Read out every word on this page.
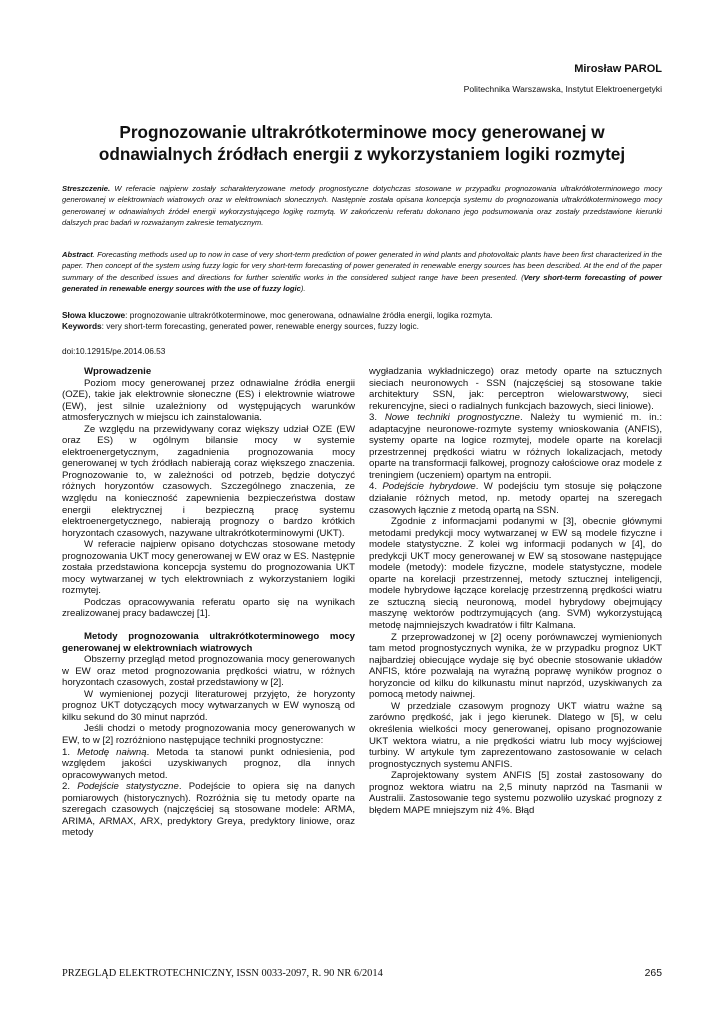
Mirosław PAROL
Politechnika Warszawska, Instytut Elektroenergetyki
Prognozowanie ultrakrótkoterminowe mocy generowanej w
odnawialnych źródłach energii z wykorzystaniem logiki rozmytej
Streszczenie. W referacie najpierw zostały scharakteryzowane metody prognostyczne dotychczas stosowane w przypadku prognozowania ultrakrótkoterminowego mocy generowanej w elektrowniach wiatrowych oraz w elektrowniach słonecznych. Następnie została opisana koncepcja systemu do prognozowania ultrakrótkoterminowego mocy generowanej w odnawialnych źródeł energii wykorzystującego logikę rozmytą. W zakończeniu referatu dokonano jego podsumowania oraz zostały przedstawione kierunki dalszych prac badań w rozważanym zakresie tematycznym.
Abstract. Forecasting methods used up to now in case of very short-term prediction of power generated in wind plants and photovoltaic plants have been first characterized in the paper. Then concept of the system using fuzzy logic for very short-term forecasting of power generated in renewable energy sources has been described. At the end of the paper summary of the described issues and directions for further scientific works in the considered subject range have been presented. (Very short-term forecasting of power generated in renewable energy sources with the use of fuzzy logic).
Słowa kluczowe: prognozowanie ultrakrótkoterminowe, moc generowana, odnawialne źródła energii, logika rozmyta.
Keywords: very short-term forecasting, generated power, renewable energy sources, fuzzy logic.
doi:10.12915/pe.2014.06.53

Wprowadzenie

Poziom mocy generowanej przez odnawialne źródła energii (OZE), takie jak elektrownie słoneczne (ES) i elektrownie wiatrowe (EW), jest silnie uzależniony od występujących warunków atmosferycznych w miejscu ich zainstalowania.

Ze względu na przewidywany coraz większy udział OZE (EW oraz ES) w ogólnym bilansie mocy w systemie elektroenergetycznym, zagadnienia prognozowania mocy generowanej w tych źródłach nabierają coraz większego znaczenia. Prognozowanie to, w zależności od potrzeb, będzie dotyczyć różnych horyzontów czasowych. Szczególnego znaczenia, ze względu na konieczność zapewnienia bezpieczeństwa dostaw energii elektrycznej i bezpieczną pracę systemu elektroenergetycznego, nabierają prognozy o bardzo krótkich horyzontach czasowych, nazywane ultrakrótkoterminowymi (UKT).

W referacie najpierw opisano dotychczas stosowane metody prognozowania UKT mocy generowanej w EW oraz w ES. Następnie została przedstawiona koncepcja systemu do prognozowania UKT mocy wytwarzanej w tych elektrowniach z wykorzystaniem logiki rozmytej.

Podczas opracowywania referatu oparto się na wynikach zrealizowanej pracy badawczej [1].

Metody prognozowania ultrakrótkoterminowego mocy generowanej w elektrowniach wiatrowych

Obszerny przegląd metod prognozowania mocy generowanych w EW oraz metod prognozowania prędkości wiatru, w różnych horyzontach czasowych, został przedstawiony w [2].

W wymienionej pozycji literaturowej przyjęto, że horyzonty prognoz UKT dotyczących mocy wytwarzanych w EW wynoszą od kilku sekund do 30 minut naprzód.

Jeśli chodzi o metody prognozowania mocy generowanych w EW, to w [2] rozróżniono następujące techniki prognostyczne:

1. Metodę naiwną. Metoda ta stanowi punkt odniesienia, pod względem jakości uzyskiwanych prognoz, dla innych opracowywanych metod.

2. Podejście statystyczne. Podejście to opiera się na danych pomiarowych (historycznych). Rozróżnia się tu metody oparte na szeregach czasowych (najczęściej są stosowane modele: ARMA, ARIMA, ARMAX, ARX, predyktory Greya, predyktory liniowe, oraz metody

wygładzania wykładniczego) oraz metody oparte na sztucznych sieciach neuronowych - SSN (najczęściej są stosowane takie architektury SSN, jak: perceptron wielowarstwowy, sieci rekurencyjne, sieci o radialnych funkcjach bazowych, sieci liniowe).

3. Nowe techniki prognostyczne. Należy tu wymienić m. in.: adaptacyjne neuronowe-rozmyte systemy wnioskowania (ANFIS), systemy oparte na logice rozmytej, modele oparte na korelacji przestrzennej prędkości wiatru w różnych lokalizacjach, metody oparte na transformacji falkowej, prognozy całościowe oraz modele z treningiem (uczeniem) opartym na entropii.

4. Podejście hybrydowe. W podejściu tym stosuje się połączone działanie różnych metod, np. metody opartej na szeregach czasowych łącznie z metodą opartą na SSN.

Zgodnie z informacjami podanymi w [3], obecnie głównymi metodami predykcji mocy wytwarzanej w EW są modele fizyczne i modele statystyczne. Z kolei wg informacji podanych w [4], do predykcji UKT mocy generowanej w EW są stosowane następujące modele (metody): modele fizyczne, modele statystyczne, modele oparte na korelacji przestrzennej, metody sztucznej inteligencji, modele hybrydowe łączące korelację przestrzenną prędkości wiatru ze sztuczną siecią neuronową, model hybrydowy obejmujący maszynę wektorów podtrzymujących (ang. SVM) wykorzystującą metodę najmniejszych kwadratów i filtr Kalmana.

Z przeprowadzonej w [2] oceny porównawczej wymienionych tam metod prognostycznych wynika, że w przypadku prognoz UKT najbardziej obiecujące wydaje się być obecnie stosowanie układów ANFIS, które pozwalają na wyraźną poprawę wyników prognoz o horyzoncie od kilku do kilkunastu minut naprzód, uzyskiwanych za pomocą metody naiwnej.

W przedziale czasowym prognozy UKT wiatru ważne są zarówno prędkość, jak i jego kierunek. Dlatego w [5], w celu określenia wielkości mocy generowanej, opisano prognozowanie UKT wektora wiatru, a nie prędkości wiatru lub mocy wyjściowej turbiny. W artykule tym zaprezentowano zastosowanie w celach prognostycznych systemu ANFIS.

Zaprojektowany system ANFIS [5] został zastosowany do prognoz wektora wiatru na 2,5 minuty naprzód na Tasmanii w Australii. Zastosowanie tego systemu pozwoliło uzyskać prognozy z błędem MAPE mniejszym niż 4%. Błąd

PRZEGLĄD ELEKTROTECHNICZNY, ISSN 0033-2097, R. 90 NR 6/2014	265
